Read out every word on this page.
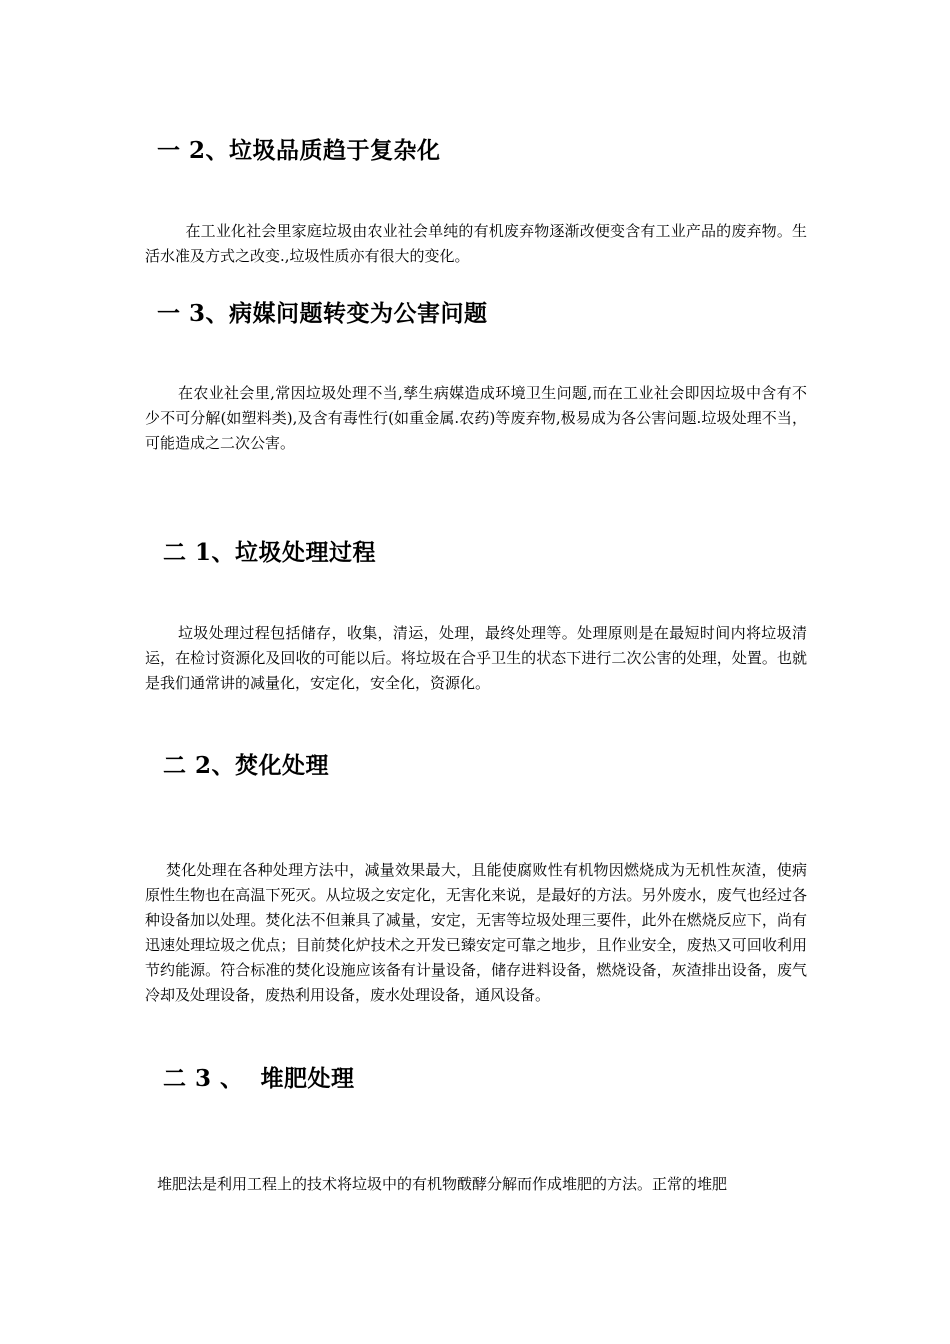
一 2、垃圾品质趋于复杂化

在工业化社会里家庭垃圾由农业社会单纯的有机废弃物逐渐改便变含有工业产品的废弃物。生活水准及方式之改变.,垃圾性质亦有很大的变化。

一 3、病媒问题转变为公害问题

在农业社会里,常因垃圾处理不当,孳生病媒造成环境卫生问题,而在工业社会即因垃圾中含有不少不可分解(如塑料类),及含有毒性行(如重金属.农药)等废弃物,极易成为各公害问题.垃圾处理不当，可能造成之二次公害。

二 1、垃圾处理过程

垃圾处理过程包括储存，收集，清运，处理，最终处理等。处理原则是在最短时间内将垃圾清运，在检讨资源化及回收的可能以后。将垃圾在合乎卫生的状态下进行二次公害的处理，处置。也就是我们通常讲的减量化，安定化，安全化，资源化。

二 2、焚化处理

焚化处理在各种处理方法中，减量效果最大，且能使腐败性有机物因燃烧成为无机性灰渣，使病原性生物也在高温下死灭。从垃圾之安定化，无害化来说，是最好的方法。另外废水，废气也经过各种设备加以处理。焚化法不但兼具了减量，安定，无害等垃圾处理三要件，此外在燃烧反应下，尚有迅速处理垃圾之优点；目前焚化炉技术之开发已臻安定可靠之地步，且作业安全，废热又可回收利用节约能源。符合标准的焚化设施应该备有计量设备，储存进料设备，燃烧设备，灰渣排出设备，废气冷却及处理设备，废热利用设备，废水处理设备，通风设备。

二 3 、  堆肥处理

堆肥法是利用工程上的技术将垃圾中的有机物酦酵分解而作成堆肥的方法。正常的堆肥
